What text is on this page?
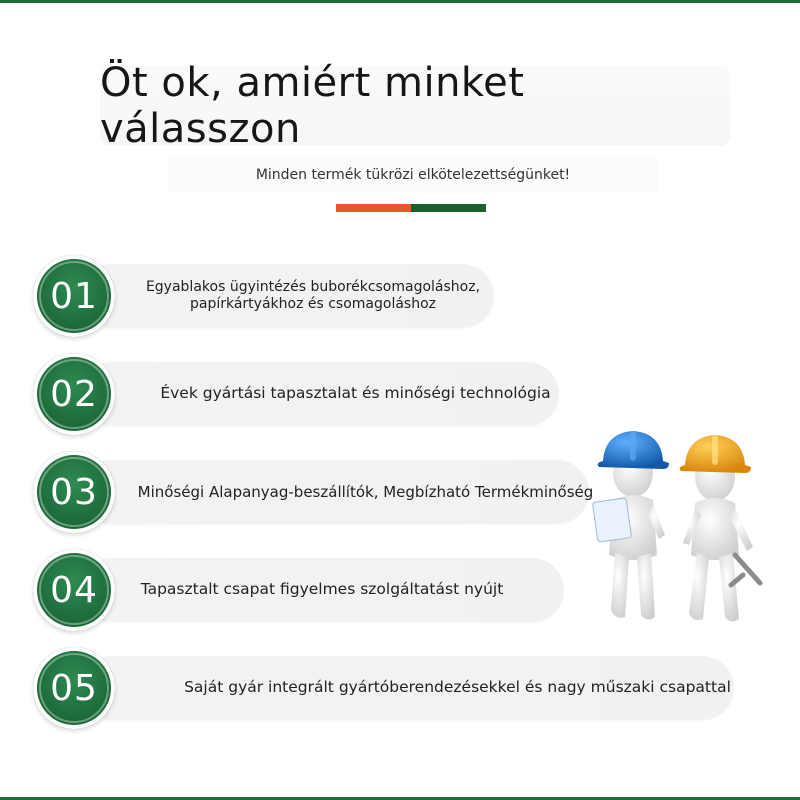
Öt ok, amiért minket válasszon
Minden termék tükrözi elkötelezettségünket!
01	Egyablakos ügyintézés buborékcsomagoláshoz,
papírkártyákhoz és csomagoláshoz
02	Évek gyártási tapasztalat és minőségi technológia
03	Minőségi Alapanyag-beszállítók, Megbízható Termékminőség
04	Tapasztalt csapat figyelmes szolgáltatást nyújt
05	Saját gyár integrált gyártóberendezésekkel és nagy műszaki csapattal
